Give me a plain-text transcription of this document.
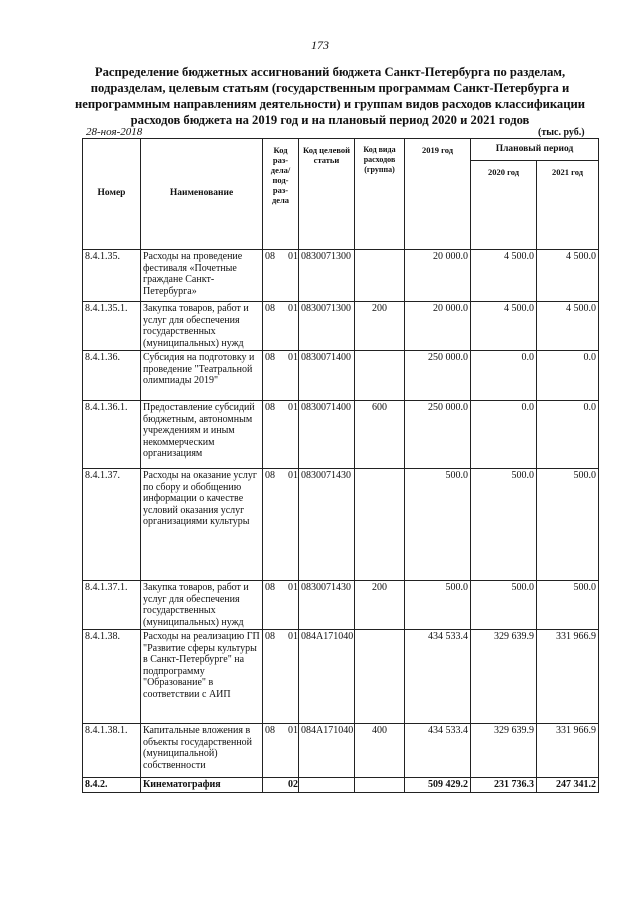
173
Распределение бюджетных ассигнований бюджета Санкт-Петербурга по разделам, подразделам, целевым статьям (государственным программам Санкт-Петербурга и непрограммным направлениям деятельности) и группам видов расходов классификации расходов бюджета на 2019 год и на плановый период 2020 и 2021 годов
28-ноя-2018	(тыс. руб.)
Номер	Наименование	Код раз-дела/ под-раз-дела	Код целевой статьи	Код вида расходов (группа)	2019 год	Плановый период	
						2020 год	2021 год
8.4.1.35.	Расходы на проведение фестиваля «Почетные граждане Санкт-Петербурга»	08 01	0830071300		20 000.0	4 500.0	4 500.0
8.4.1.35.1.	Закупка товаров, работ и услуг для обеспечения государственных (муниципальных) нужд	08 01	0830071300	200	20 000.0	4 500.0	4 500.0
8.4.1.36.	Субсидия на подготовку и проведение "Театральной олимпиады 2019"	08 01	0830071400		250 000.0	0.0	0.0
8.4.1.36.1.	Предоставление субсидий бюджетным, автономным учреждениям и иным некоммерческим организациям	08 01	0830071400	600	250 000.0	0.0	0.0
8.4.1.37.	Расходы на оказание услуг по сбору и обобщению информации о качестве условий оказания услуг организациями культуры	08 01	0830071430		500.0	500.0	500.0
8.4.1.37.1.	Закупка товаров, работ и услуг для обеспечения государственных (муниципальных) нужд	08 01	0830071430	200	500.0	500.0	500.0
8.4.1.38.	Расходы на реализацию ГП "Развитие сферы культуры в Санкт-Петербурге" на подпрограмму "Образование" в соответствии с АИП	08 01	084А171040		434 533.4	329 639.9	331 966.9
8.4.1.38.1.	Капитальные вложения в объекты государственной (муниципальной) собственности	08 01	084А171040	400	434 533.4	329 639.9	331 966.9
8.4.2.	Кинематография	02			509 429.2	231 736.3	247 341.2
